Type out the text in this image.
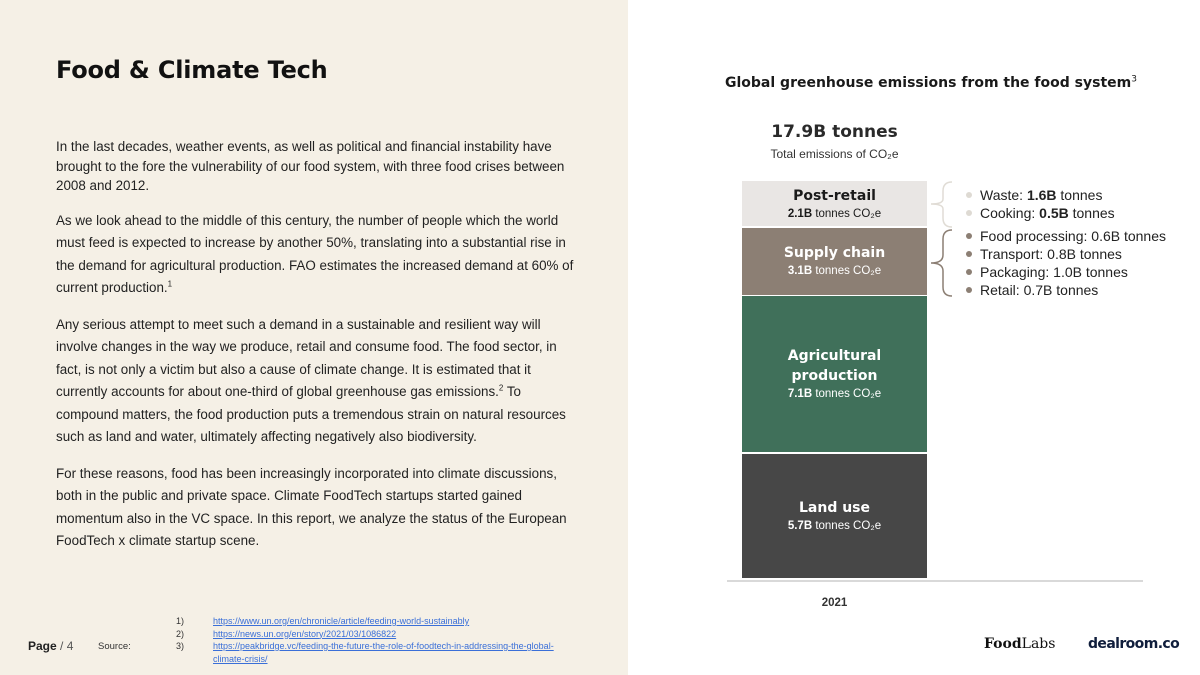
Food & Climate Tech

In the last decades, weather events, as well as political and financial instability have brought to the fore the vulnerability of our food system, with three food crises between 2008 and 2012.

As we look ahead to the middle of this century, the number of people which the world must feed is expected to increase by another 50%, translating into a substantial rise in the demand for agricultural production. FAO estimates the increased demand at 60% of current production.$^1$

Any serious attempt to meet such a demand in a sustainable and resilient way will involve changes in the way we produce, retail and consume food. The food sector, in fact, is not only a victim but also a cause of climate change. It is estimated that it currently accounts for about one-third of global greenhouse gas emissions.$^2$ To compound matters, the food production puts a tremendous strain on natural resources such as land and water, ultimately affecting negatively also biodiversity.

For these reasons, food has been increasingly incorporated into climate discussions, both in the public and private space. Climate FoodTech startups started gained momentum also in the VC space. In this report, we analyze the status of the European FoodTech x climate startup scene.

Page / 4	Source:
1)	https://www.un.org/en/chronicle/article/feeding-world-sustainably
2)	https://news.un.org/en/story/2021/03/1086822
3)	https://peakbridge.vc/feeding-the-future-the-role-of-foodtech-in-addressing-the-global-climate-crisis/
Global greenhouse emissions from the food system$^3$
17.9B tonnes
Total emissions of CO₂e
Land use
5.7B tonnes CO₂e
Agricultural production
7.1B tonnes CO₂e
Supply chain
3.1B tonnes CO₂e
Post-retail
2.1B tonnes CO₂e
2021
Waste: 1.6B tonnes
Cooking: 0.5B tonnes
Food processing: 0.6B tonnes
Transport: 0.8B tonnes
Packaging: 1.0B tonnes
Retail: 0.7B tonnes
FoodLabs dealroom.co
